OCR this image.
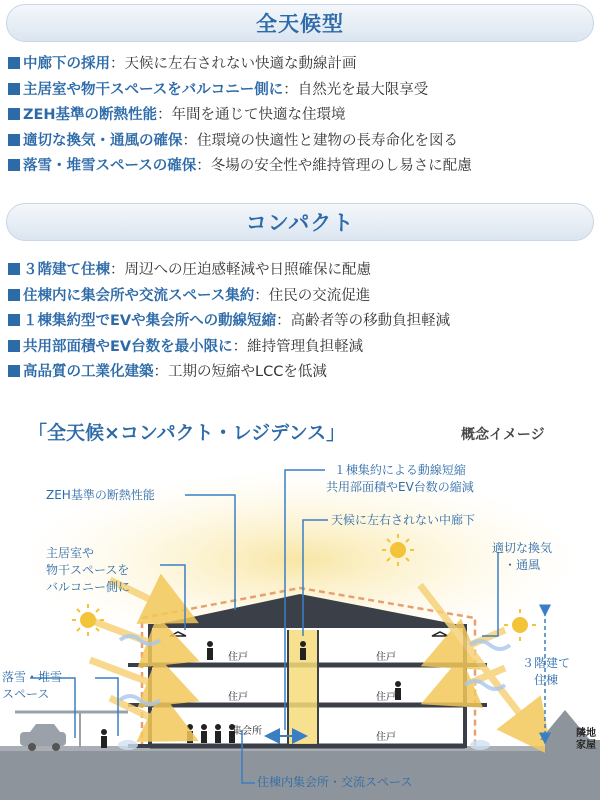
全天候型
中廊下の採用：天候に左右されない快適な動線計画
主居室や物干スペースをバルコニー側に：自然光を最大限享受
ZEH基準の断熱性能：年間を通じて快適な住環境
適切な換気・通風の確保：住環境の快適性と建物の長寿命化を図る
落雪・堆雪スペースの確保：冬場の安全性や維持管理のし易さに配慮
コンパクト
３階建て住棟：周辺への圧迫感軽減や日照確保に配慮
住棟内に集会所や交流スペース集約：住民の交流促進
１棟集約型でEVや集会所への動線短縮：高齢者等の移動負担軽減
共用部面積やEV台数を最小限に：維持管理負担軽減
高品質の工業化建築：工期の短縮やLCCを低減
「全天候×コンパクト・レジデンス」	概念イメージ
ZEH基準の断熱性能
主居室や
物干スペースを
バルコニー側に
落雪・堆雪
スペース
１棟集約による動線短縮
共用部面積やEV台数の縮減
天候に左右されない中廊下
適切な換気
・通風
３階建て
住棟
住棟内集会所・交流スペース
隣地
家屋
住戸	住戸
住戸	住戸
住戸
集会所
